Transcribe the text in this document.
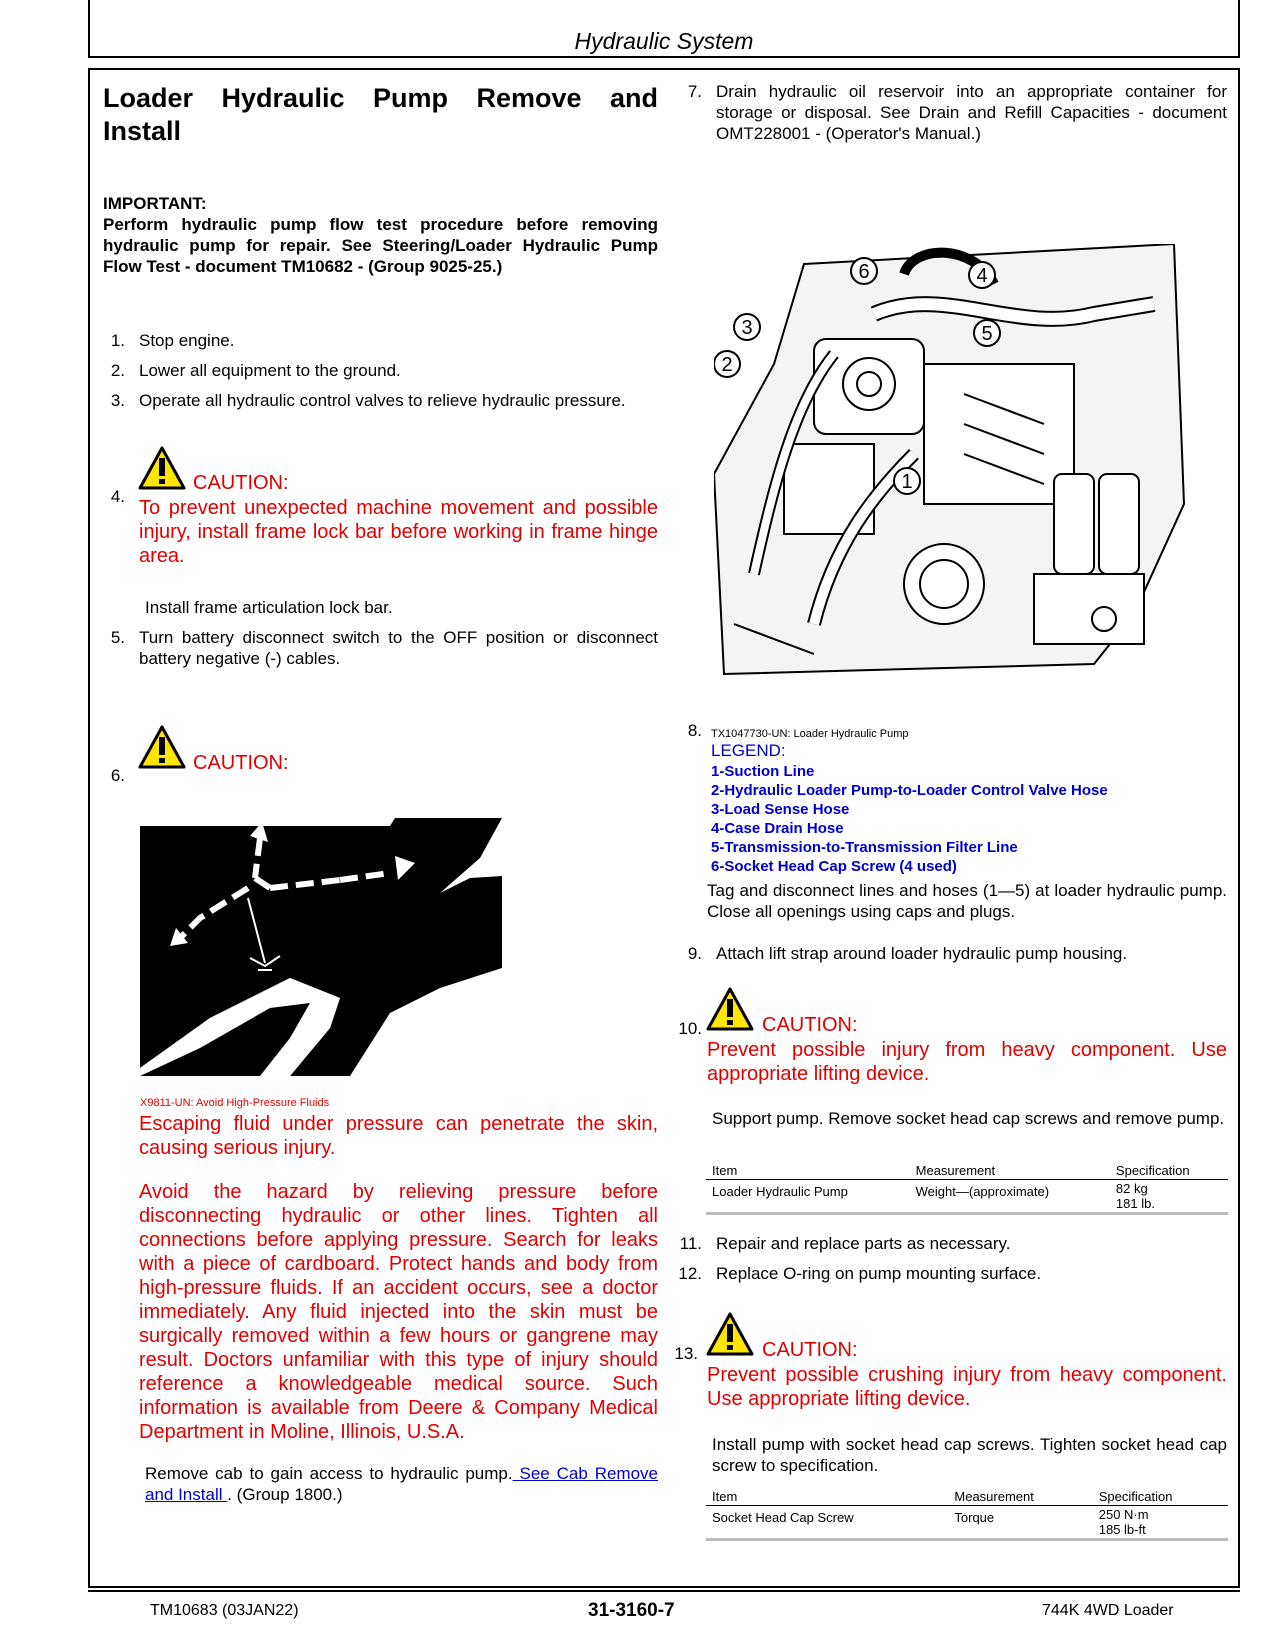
Hydraulic System
Loader Hydraulic Pump Remove and
Install
IMPORTANT:
Perform hydraulic pump flow test procedure before removing hydraulic pump for repair. See Steering/Loader Hydraulic Pump Flow Test - document TM10682 - (Group 9025-25.)
1. Stop engine.
2. Lower all equipment to the ground.
3. Operate all hydraulic control valves to relieve hydraulic pressure.
4.
CAUTION:
To prevent unexpected machine movement and possible injury, install frame lock bar before working in frame hinge area.
Install frame articulation lock bar.
5. Turn battery disconnect switch to the OFF position or disconnect battery negative (-) cables.
6.
CAUTION:
X9811-UN: Avoid High-Pressure Fluids
Escaping fluid under pressure can penetrate the skin, causing serious injury.
Avoid the hazard by relieving pressure before disconnecting hydraulic or other lines. Tighten all connections before applying pressure. Search for leaks with a piece of cardboard. Protect hands and body from high-pressure fluids. If an accident occurs, see a doctor immediately. Any fluid injected into the skin must be surgically removed within a few hours or gangrene may result. Doctors unfamiliar with this type of injury should reference a knowledgeable medical source. Such information is available from Deere & Company Medical Department in Moline, Illinois, U.S.A.
Remove cab to gain access to hydraulic pump. See Cab Remove and Install . (Group 1800.)
7. Drain hydraulic oil reservoir into an appropriate container for storage or disposal. See Drain and Refill Capacities - document OMT228001 - (Operator's Manual.)
6	4
3	5
2
1
8. TX1047730-UN: Loader Hydraulic Pump
LEGEND:
1-Suction Line
2-Hydraulic Loader Pump-to-Loader Control Valve Hose
3-Load Sense Hose
4-Case Drain Hose
5-Transmission-to-Transmission Filter Line
6-Socket Head Cap Screw (4 used)
Tag and disconnect lines and hoses (1—5) at loader hydraulic pump. Close all openings using caps and plugs.
9. Attach lift strap around loader hydraulic pump housing.
10.	CAUTION:
Prevent possible injury from heavy component. Use appropriate lifting device.
Support pump. Remove socket head cap screws and remove pump.
Item	Measurement	Specification
Loader Hydraulic Pump	Weight—(approximate)	82 kg
181 lb.
11. Repair and replace parts as necessary.
12. Replace O-ring on pump mounting surface.
13.	CAUTION:
Prevent possible crushing injury from heavy component. Use appropriate lifting device.
Install pump with socket head cap screws. Tighten socket head cap screw to specification.
Item	Measurement	Specification
Socket Head Cap Screw	Torque	250 N·m
185 lb-ft
TM10683 (03JAN22)	31-3160-7	744K 4WD Loader
